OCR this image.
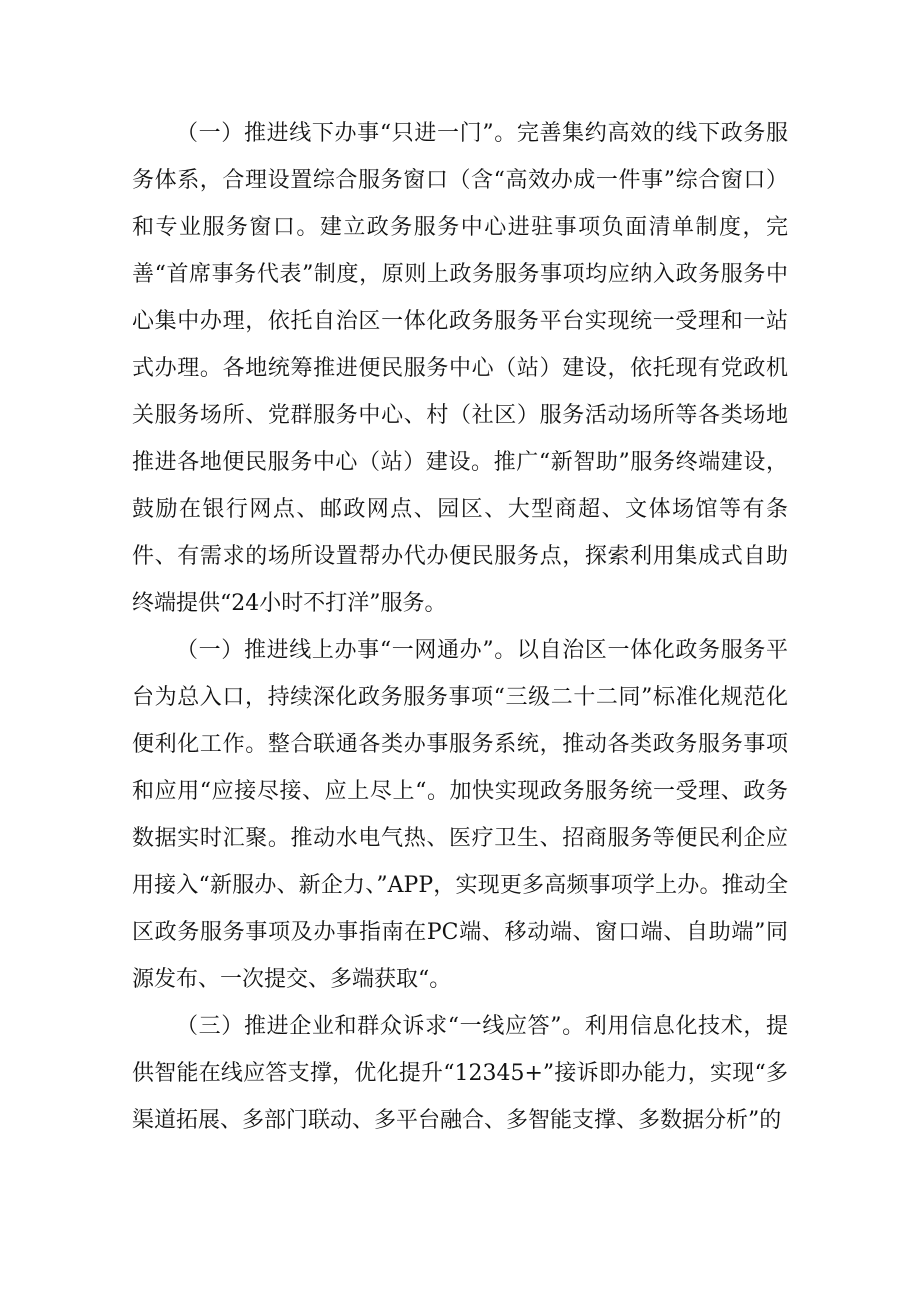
（一）推进线下办事“只进一门”。完善集约高效的线下政务服务体系，合理设置综合服务窗口（含“高效办成一件事”综合窗口）和专业服务窗口。建立政务服务中心进驻事项负面清单制度，完善“首席事务代表”制度，原则上政务服务事项均应纳入政务服务中心集中办理，依托自治区一体化政务服务平台实现统一受理和一站式办理。各地统筹推进便民服务中心（站）建设，依托现有党政机关服务场所、党群服务中心、村（社区）服务活动场所等各类场地推进各地便民服务中心（站）建设。推广“新智助”服务终端建设，鼓励在银行网点、邮政网点、园区、大型商超、文体场馆等有条件、有需求的场所设置帮办代办便民服务点，探索利用集成式自助终端提供“24小时不打洋”服务。

（一）推进线上办事“一网通办”。以自治区一体化政务服务平台为总入口，持续深化政务服务事项“三级二十二同”标准化规范化便利化工作。整合联通各类办事服务系统，推动各类政务服务事项和应用“应接尽接、应上尽上“。加快实现政务服务统一受理、政务数据实时汇聚。推动水电气热、医疗卫生、招商服务等便民利企应用接入“新服办、新企力、”APP，实现更多高频事项学上办。推动全区政务服务事项及办事指南在PC端、移动端、窗口端、自助端”同源发布、一次提交、多端获取“。

（三）推进企业和群众诉求“一线应答”。利用信息化技术，提供智能在线应答支撑，优化提升“12345+”接诉即办能力，实现“多渠道拓展、多部门联动、多平台融合、多智能支撑、多数据分析”的
